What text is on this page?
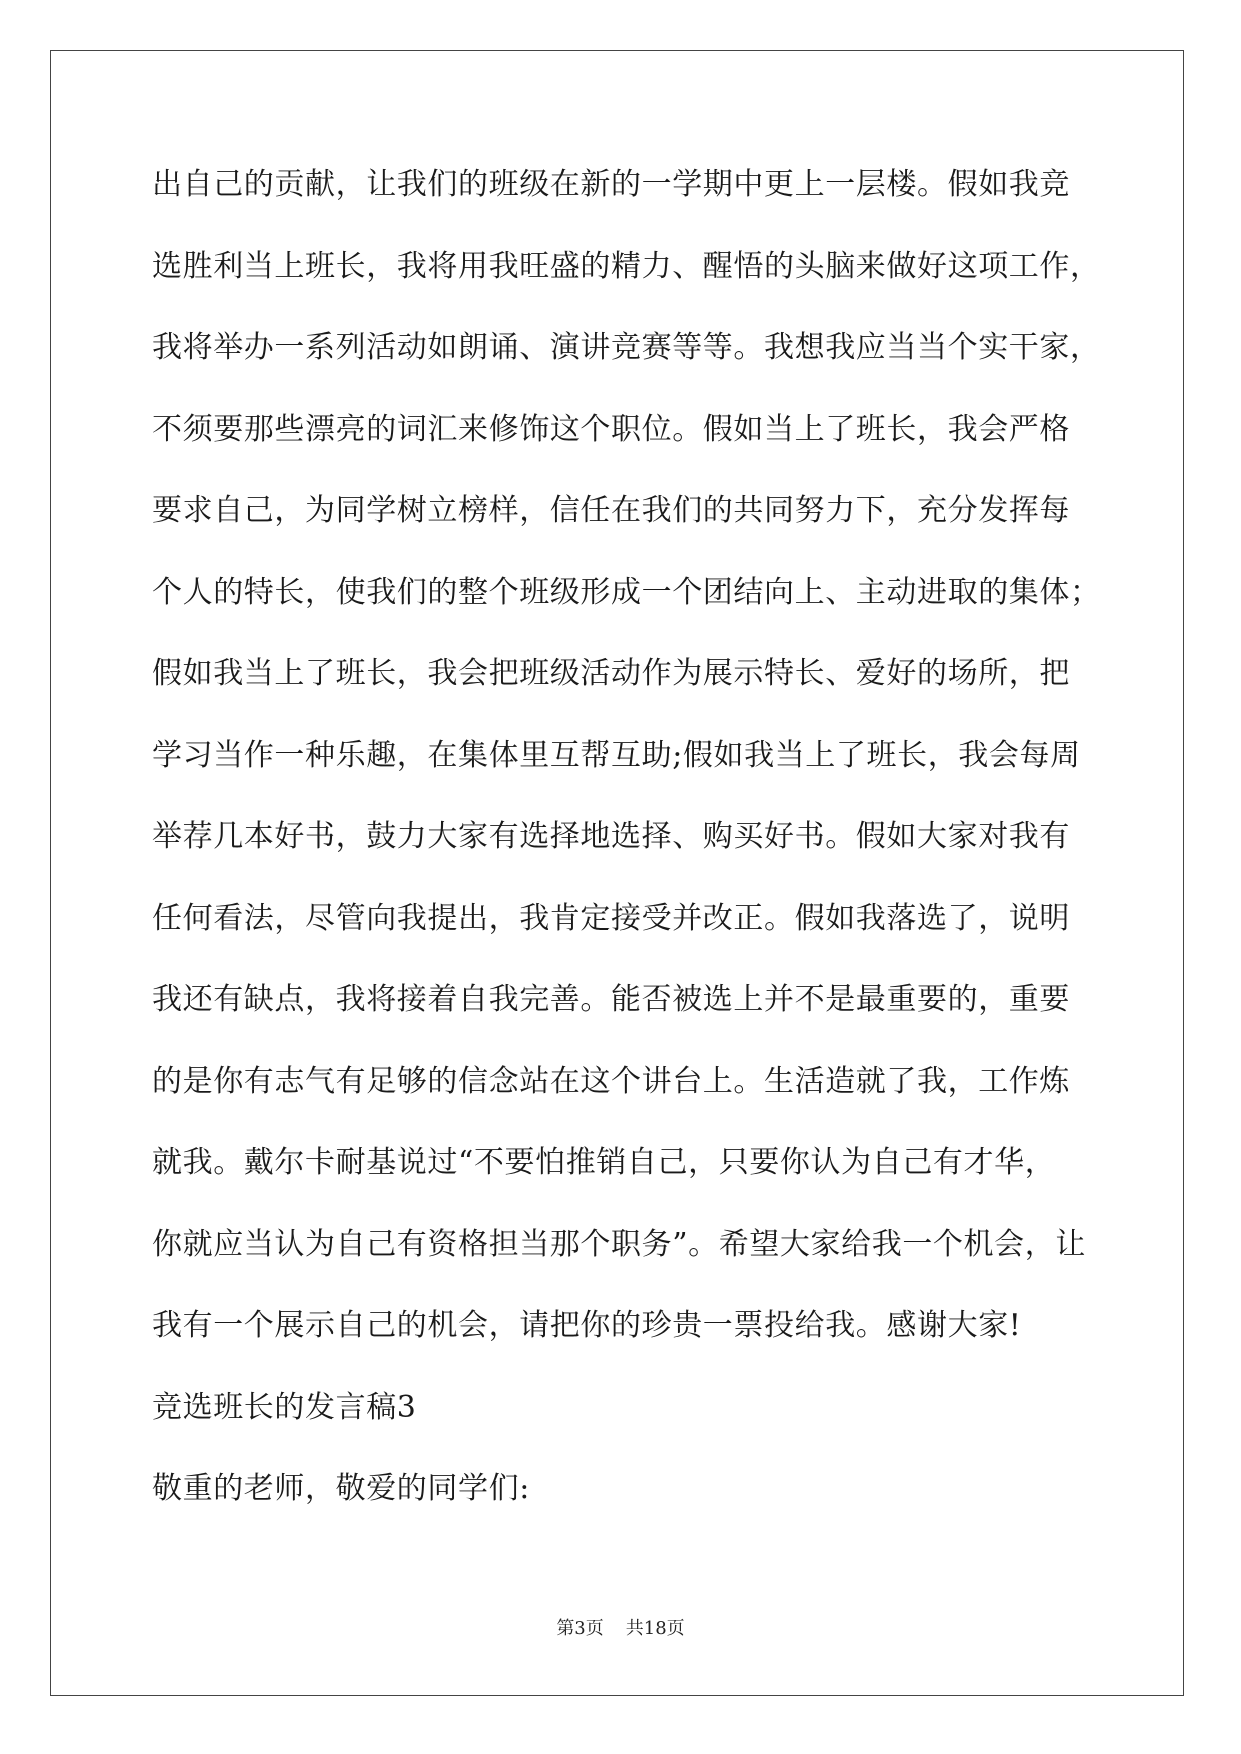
出自己的贡献，让我们的班级在新的一学期中更上一层楼。假如我竞
选胜利当上班长，我将用我旺盛的精力、醒悟的头脑来做好这项工作，
我将举办一系列活动如朗诵、演讲竞赛等等。我想我应当当个实干家，
不须要那些漂亮的词汇来修饰这个职位。假如当上了班长，我会严格
要求自己，为同学树立榜样，信任在我们的共同努力下，充分发挥每
个人的特长，使我们的整个班级形成一个团结向上、主动进取的集体；
假如我当上了班长，我会把班级活动作为展示特长、爱好的场所，把
学习当作一种乐趣，在集体里互帮互助;假如我当上了班长，我会每周
举荐几本好书，鼓力大家有选择地选择、购买好书。假如大家对我有
任何看法，尽管向我提出，我肯定接受并改正。假如我落选了，说明
我还有缺点，我将接着自我完善。能否被选上并不是最重要的，重要
的是你有志气有足够的信念站在这个讲台上。生活造就了我，工作炼
就我。戴尔卡耐基说过“不要怕推销自己，只要你认为自己有才华，
你就应当认为自己有资格担当那个职务”。希望大家给我一个机会，让
我有一个展示自己的机会，请把你的珍贵一票投给我。感谢大家!
竞选班长的发言稿3
敬重的老师，敬爱的同学们:
第3页 共18页
